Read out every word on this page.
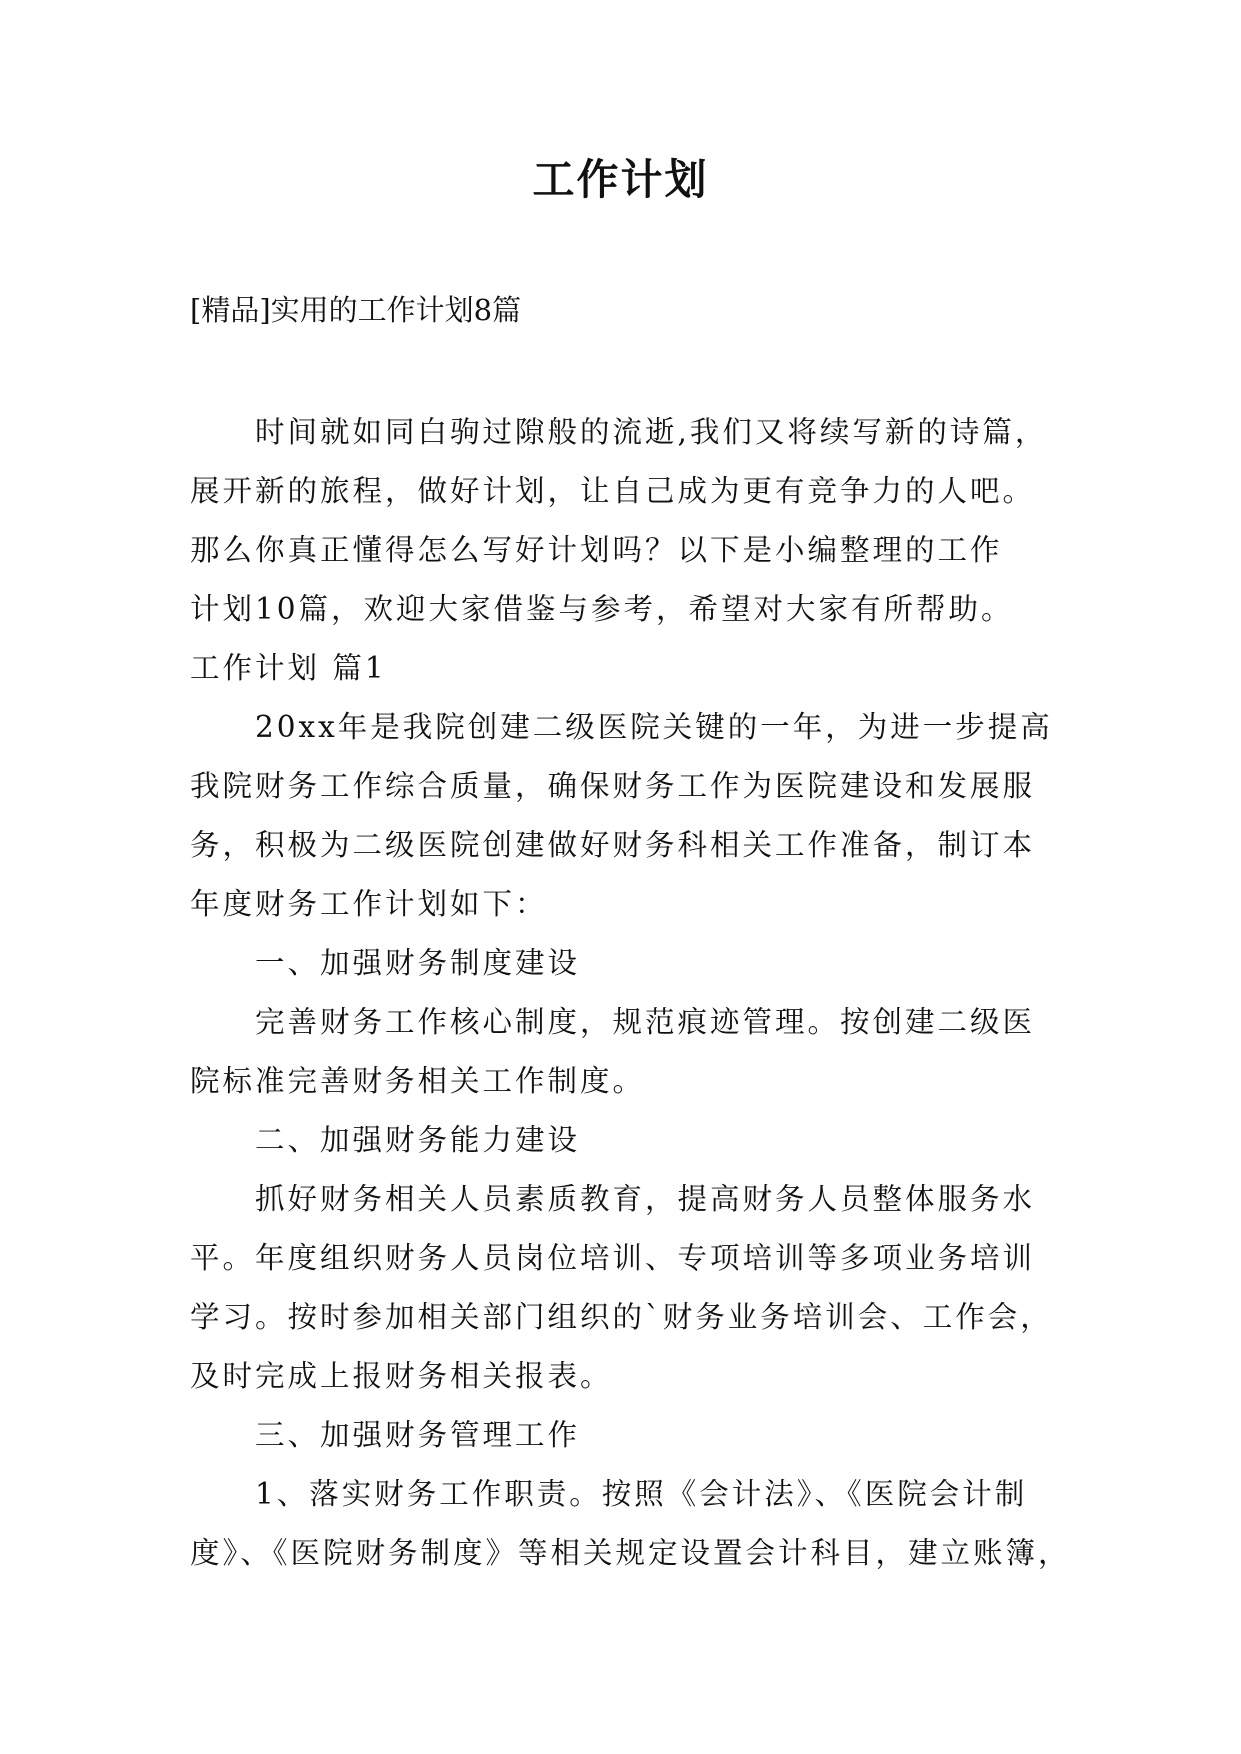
工作计划
[精品]实用的工作计划8篇
时间就如同白驹过隙般的流逝,我们又将续写新的诗篇，
展开新的旅程，做好计划，让自己成为更有竞争力的人吧。
那么你真正懂得怎么写好计划吗？以下是小编整理的工作
计划10篇，欢迎大家借鉴与参考，希望对大家有所帮助。
工作计划 篇1
20xx年是我院创建二级医院关键的一年，为进一步提高
我院财务工作综合质量，确保财务工作为医院建设和发展服
务，积极为二级医院创建做好财务科相关工作准备，制订本
年度财务工作计划如下：
一、加强财务制度建设
完善财务工作核心制度，规范痕迹管理。按创建二级医
院标准完善财务相关工作制度。
二、加强财务能力建设
抓好财务相关人员素质教育，提高财务人员整体服务水
平。年度组织财务人员岗位培训、专项培训等多项业务培训
学习。按时参加相关部门组织的`财务业务培训会、工作会，
及时完成上报财务相关报表。
三、加强财务管理工作
1、落实财务工作职责。按照《会计法》、《医院会计制
度》、《医院财务制度》等相关规定设置会计科目，建立账簿，
